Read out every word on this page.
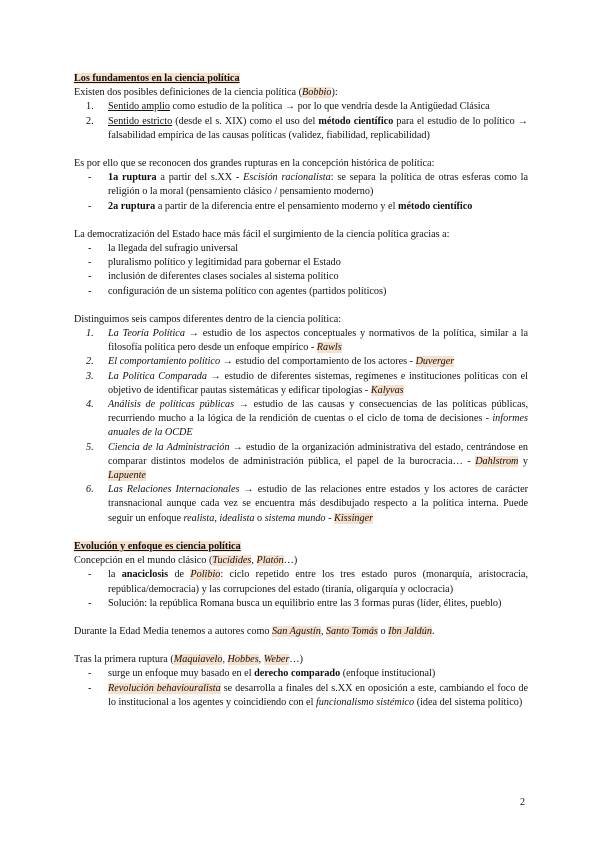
Los fundamentos en la ciencia política

Existen dos posibles definiciones de la ciencia política (Bobbio):

1. Sentido amplio como estudio de la política → por lo que vendría desde la Antigüedad Clásica
2. Sentido estricto (desde el s. XIX) como el uso del método científico para el estudio de lo político → falsabilidad empírica de las causas políticas (validez, fiabilidad, replicabilidad)

Es por ello que se reconocen dos grandes rupturas en la concepción histórica de política:

- 1a ruptura a partir del s.XX - Escisión racionalista: se separa la política de otras esferas como la religión o la moral (pensamiento clásico / pensamiento moderno)
- 2a ruptura a partir de la diferencia entre el pensamiento moderno y el método científico

La democratización del Estado hace más fácil el surgimiento de la ciencia política gracias a:

- la llegada del sufragio universal
- pluralismo político y legitimidad para gobernar el Estado
- inclusión de diferentes clases sociales al sistema político
- configuración de un sistema político con agentes (partidos políticos)

Distinguimos seis campos diferentes dentro de la ciencia política:

1. La Teoría Política → estudio de los aspectos conceptuales y normativos de la política, similar a la filosofía política pero desde un enfoque empírico - Rawls
2. El comportamiento político → estudio del comportamiento de los actores - Duverger
3. La Política Comparada → estudio de diferentes sistemas, regímenes e instituciones políticas con el objetivo de identificar pautas sistemáticas y edificar tipologías - Kalyvas
4. Análisis de políticas públicas → estudio de las causas y consecuencias de las políticas públicas, recurriendo mucho a la lógica de la rendición de cuentas o el ciclo de toma de decisiones - informes anuales de la OCDE
5. Ciencia de la Administración → estudio de la organización administrativa del estado, centrándose en comparar distintos modelos de administración pública, el papel de la burocracia… - Dahlstrom y Lapuente
6. Las Relaciones Internacionales → estudio de las relaciones entre estados y los actores de carácter transnacional aunque cada vez se encuentra más desdibujado respecto a la política interna. Puede seguir un enfoque realista, idealista o sistema mundo - Kissinger

Evolución y enfoque es ciencia política

Concepción en el mundo clásico (Tucídides, Platón…)

- la anaciclosis de Polibio: ciclo repetido entre los tres estado puros (monarquía, aristocracia, república/democracia) y las corrupciones del estado (tiranía, oligarquía y oclocracia)
- Solución: la república Romana busca un equilibrio entre las 3 formas puras (líder, élites, pueblo)

Durante la Edad Media tenemos a autores como San Agustín, Santo Tomás o Ibn Jaldún.

Tras la primera ruptura (Maquiavelo, Hobbes, Weber…)

- surge un enfoque muy basado en el derecho comparado (enfoque institucional)
- Revolución behaviouralista se desarrolla a finales del s.XX en oposición a este, cambiando el foco de lo institucional a los agentes y coincidiendo con el funcionalismo sistémico (idea del sistema político)
2
